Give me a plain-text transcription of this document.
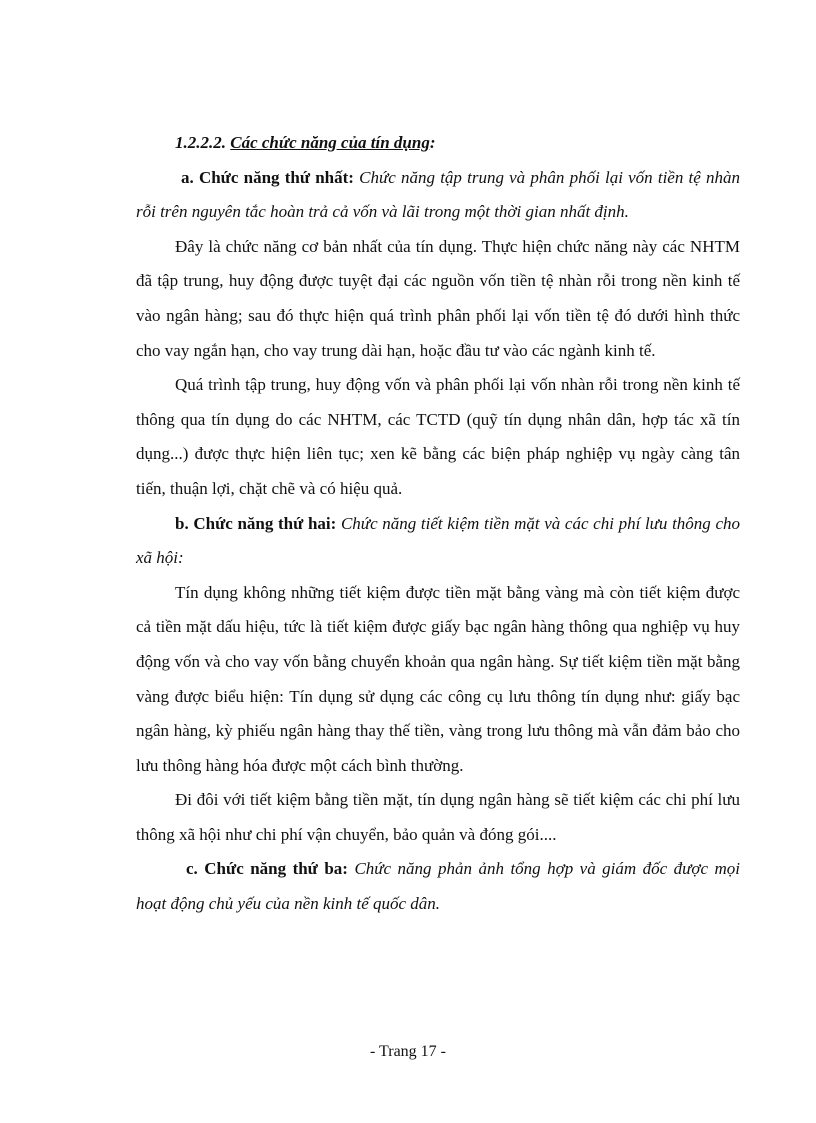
1.2.2.2. Các chức năng của tín dụng:

a. Chức năng thứ nhất: Chức năng tập trung và phân phối lại vốn tiền tệ nhàn rỗi trên nguyên tắc hoàn trả cả vốn và lãi trong một thời gian nhất định.

Đây là chức năng cơ bản nhất của tín dụng. Thực hiện chức năng này các NHTM đã tập trung, huy động được tuyệt đại các nguồn vốn tiền tệ nhàn rỗi trong nền kinh tế vào ngân hàng; sau đó thực hiện quá trình phân phối lại vốn tiền tệ đó dưới hình thức cho vay ngắn hạn, cho vay trung dài hạn, hoặc đầu tư vào các ngành kinh tế.

Quá trình tập trung, huy động vốn và phân phối lại vốn nhàn rỗi trong nền kinh tế thông qua tín dụng do các NHTM, các TCTD (quỹ tín dụng nhân dân, hợp tác xã tín dụng...) được thực hiện liên tục; xen kẽ bằng các biện pháp nghiệp vụ ngày càng tân tiến, thuận lợi, chặt chẽ và có hiệu quả.

b. Chức năng thứ hai: Chức năng tiết kiệm tiền mặt và các chi phí lưu thông cho xã hội:

Tín dụng không những tiết kiệm được tiền mặt bằng vàng mà còn tiết kiệm được cả tiền mặt dấu hiệu, tức là tiết kiệm được giấy bạc ngân hàng thông qua nghiệp vụ huy động vốn và cho vay vốn bằng chuyển khoản qua ngân hàng. Sự tiết kiệm tiền mặt bằng vàng được biểu hiện: Tín dụng sử dụng các công cụ lưu thông tín dụng như: giấy bạc ngân hàng, kỳ phiếu ngân hàng thay thế tiền, vàng trong lưu thông mà vẫn đảm bảo cho lưu thông hàng hóa được một cách bình thường.

Đi đôi với tiết kiệm bằng tiền mặt, tín dụng ngân hàng sẽ tiết kiệm các chi phí lưu thông xã hội như chi phí vận chuyển, bảo quản và đóng gói....

c. Chức năng thứ ba: Chức năng phản ảnh tổng hợp và giám đốc được mọi hoạt động chủ yếu của nền kinh tế quốc dân.

- Trang 17 -
